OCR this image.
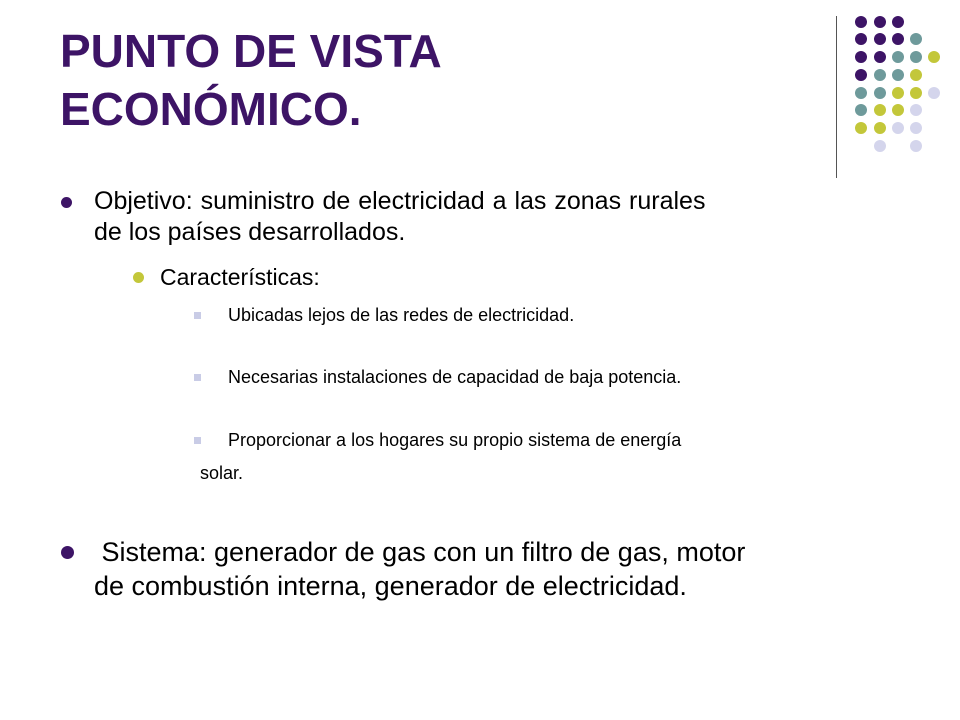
PUNTO DE VISTA
ECONÓMICO.
Objetivo: suministro de electricidad a las zonas rurales
de los países desarrollados.
Características:
Ubicadas lejos de las redes de electricidad.
Necesarias instalaciones de capacidad de baja potencia.
Proporcionar a los hogares su propio sistema de energía
solar.
Sistema: generador de gas con un filtro de gas, motor
de combustión interna, generador de electricidad.
